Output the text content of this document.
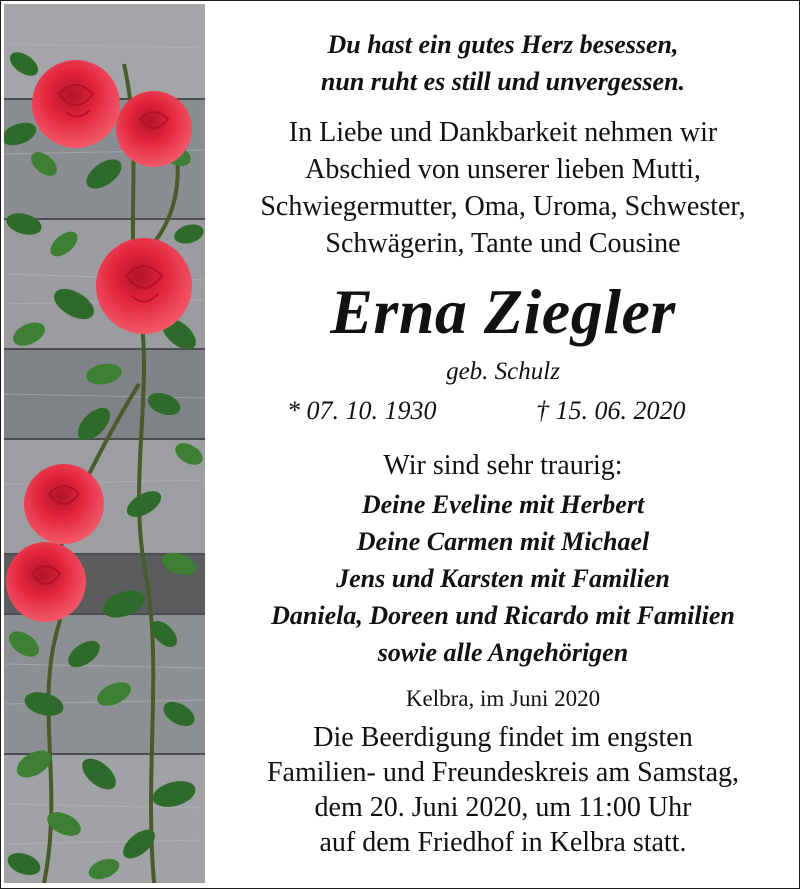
Du hast ein gutes Herz besessen,
nun ruht es still und unvergessen.
In Liebe und Dankbarkeit nehmen wir
Abschied von unserer lieben Mutti,
Schwiegermutter, Oma, Uroma, Schwester,
Schwägerin, Tante und Cousine
Erna Ziegler
geb. Schulz
* 07. 10. 1930	† 15. 06. 2020
Wir sind sehr traurig:
Deine Eveline mit Herbert
Deine Carmen mit Michael
Jens und Karsten mit Familien
Daniela, Doreen und Ricardo mit Familien
sowie alle Angehörigen
Kelbra, im Juni 2020
Die Beerdigung findet im engsten
Familien- und Freundeskreis am Samstag,
dem 20. Juni 2020, um 11:00 Uhr
auf dem Friedhof in Kelbra statt.
